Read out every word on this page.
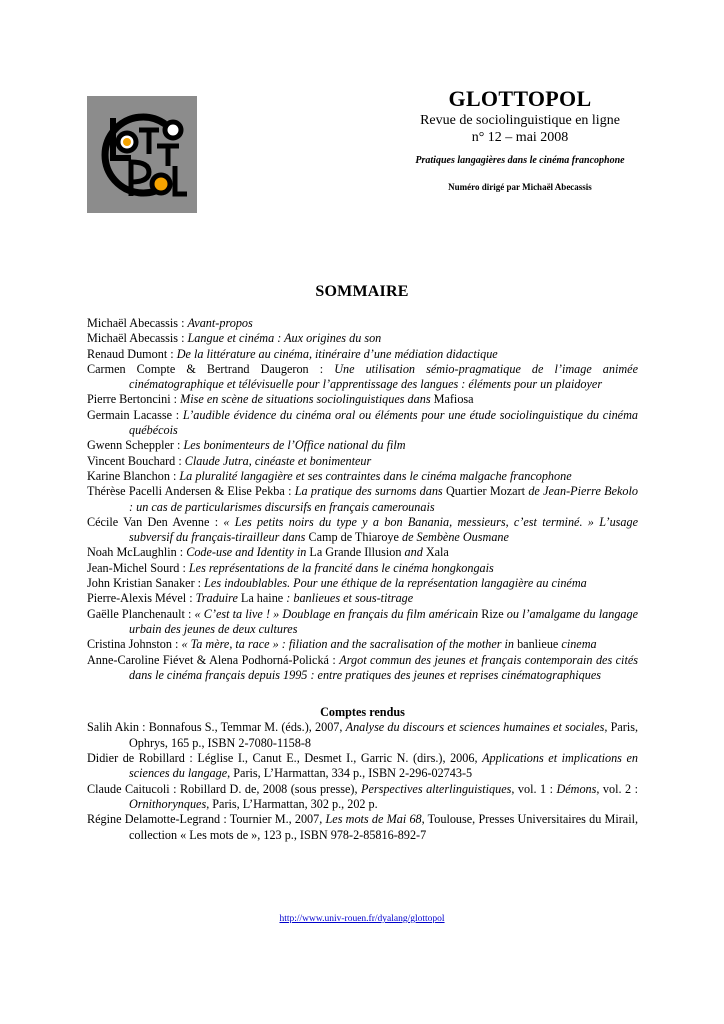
GLOTTOPOL
Revue de sociolinguistique en ligne
n° 12 – mai 2008
Pratiques langagières dans le cinéma francophone
Numéro dirigé par Michaël Abecassis
SOMMAIRE
Michaël Abecassis : Avant-propos
Michaël Abecassis : Langue et cinéma : Aux origines du son
Renaud Dumont : De la littérature au cinéma, itinéraire d’une médiation didactique
Carmen Compte & Bertrand Daugeron : Une utilisation sémio-pragmatique de l’image animée cinématographique et télévisuelle pour l’apprentissage des langues : éléments pour un plaidoyer
Pierre Bertoncini : Mise en scène de situations sociolinguistiques dans Mafiosa
Germain Lacasse : L’audible évidence du cinéma oral ou éléments pour une étude sociolinguistique du cinéma québécois
Gwenn Scheppler : Les bonimenteurs de l’Office national du film
Vincent Bouchard : Claude Jutra, cinéaste et bonimenteur
Karine Blanchon : La pluralité langagière et ses contraintes dans le cinéma malgache francophone
Thérèse Pacelli Andersen & Elise Pekba : La pratique des surnoms dans Quartier Mozart de Jean-Pierre Bekolo : un cas de particularismes discursifs en français camerounais
Cécile Van Den Avenne : « Les petits noirs du type y a bon Banania, messieurs, c’est terminé. » L’usage subversif du français-tirailleur dans Camp de Thiaroye de Sembène Ousmane
Noah McLaughlin : Code-use and Identity in La Grande Illusion and Xala
Jean-Michel Sourd : Les représentations de la francité dans le cinéma hongkongais
John Kristian Sanaker : Les indoublables. Pour une éthique de la représentation langagière au cinéma
Pierre-Alexis Mével : Traduire La haine : banlieues et sous-titrage
Gaëlle Planchenault : « C’est ta live ! » Doublage en français du film américain Rize ou l’amalgame du langage urbain des jeunes de deux cultures
Cristina Johnston : « Ta mère, ta race » : filiation and the sacralisation of the mother in banlieue cinema
Anne-Caroline Fiévet & Alena Podhorná-Polická : Argot commun des jeunes et français contemporain des cités dans le cinéma français depuis 1995 : entre pratiques des jeunes et reprises cinématographiques
Comptes rendus
Salih Akin : Bonnafous S., Temmar M. (éds.), 2007, Analyse du discours et sciences humaines et sociales, Paris, Ophrys, 165 p., ISBN 2-7080-1158-8
Didier de Robillard : Léglise I., Canut E., Desmet I., Garric N. (dirs.), 2006, Applications et implications en sciences du langage, Paris, L’Harmattan, 334 p., ISBN 2-296-02743-5
Claude Caitucoli : Robillard D. de, 2008 (sous presse), Perspectives alterlinguistiques, vol. 1 : Démons, vol. 2 : Ornithorynques, Paris, L’Harmattan, 302 p., 202 p.
Régine Delamotte-Legrand : Tournier M., 2007, Les mots de Mai 68, Toulouse, Presses Universitaires du Mirail, collection « Les mots de », 123 p., ISBN 978-2-85816-892-7
http://www.univ-rouen.fr/dyalang/glottopol
